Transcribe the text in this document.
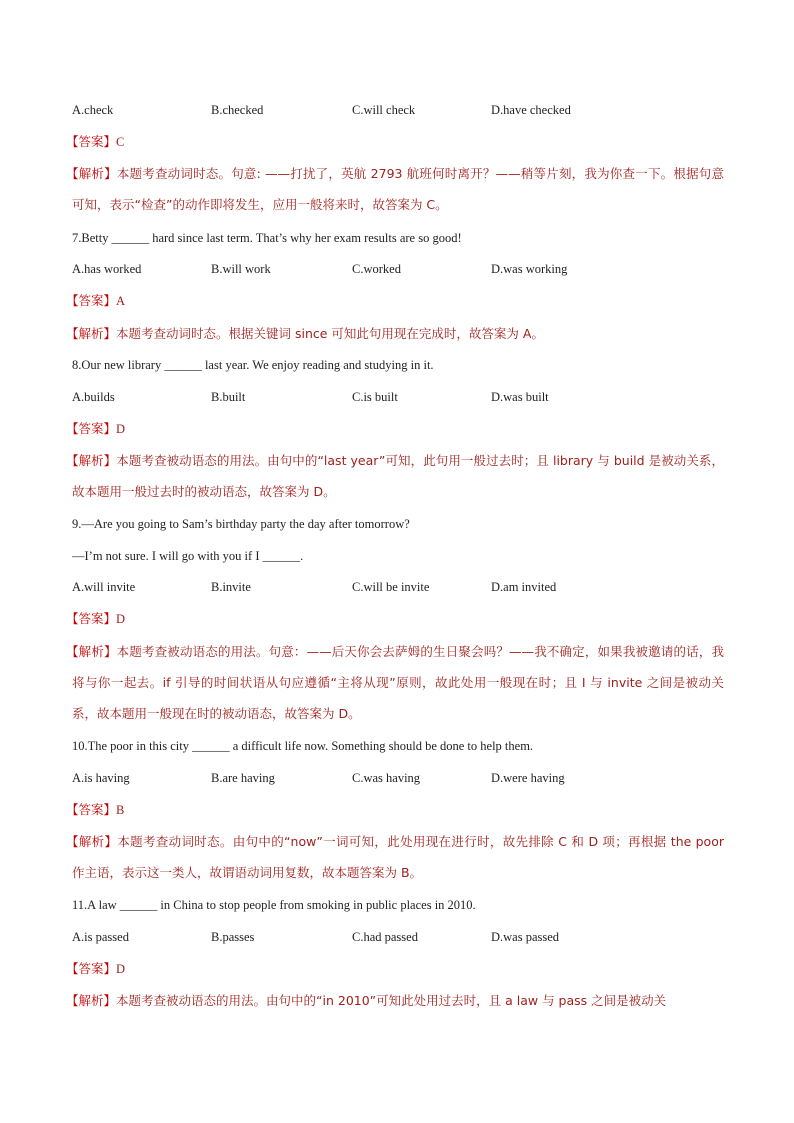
A.check	B.checked	C.will check	D.have checked
【答案】C
【解析】本题考查动词时态。句意: ——打扰了，英航 2793 航班何时离开？——稍等片刻，我为你查一下。根据句意可知，表示“检查”的动作即将发生，应用一般将来时，故答案为 C。
7.Betty ______ hard since last term. That’s why her exam results are so good!
A.has worked	B.will work	C.worked	D.was working
【答案】A
【解析】本题考查动词时态。根据关键词 since 可知此句用现在完成时，故答案为 A。
8.Our new library ______ last year. We enjoy reading and studying in it.
A.builds	B.built	C.is built	D.was built
【答案】D
【解析】本题考查被动语态的用法。由句中的“last year”可知，此句用一般过去时；且 library 与 build 是被动关系，故本题用一般过去时的被动语态，故答案为 D。
9.—Are you going to Sam’s birthday party the day after tomorrow?
—I’m not sure. I will go with you if I ______.
A.will invite	B.invite	C.will be invite	D.am invited
【答案】D
【解析】本题考查被动语态的用法。句意：——后天你会去萨姆的生日聚会吗？——我不确定，如果我被邀请的话，我将与你一起去。if 引导的时间状语从句应遵循“主将从现”原则，故此处用一般现在时；且 I 与 invite 之间是被动关系，故本题用一般现在时的被动语态，故答案为 D。
10.The poor in this city ______ a difficult life now. Something should be done to help them.
A.is having	B.are having	C.was having	D.were having
【答案】B
【解析】本题考查动词时态。由句中的“now”一词可知，此处用现在进行时，故先排除 C 和 D 项；再根据 the poor 作主语，表示这一类人，故谓语动词用复数，故本题答案为 B。
11.A law ______ in China to stop people from smoking in public places in 2010.
A.is passed	B.passes	C.had passed	D.was passed
【答案】D
【解析】本题考查被动语态的用法。由句中的“in 2010”可知此处用过去时，且 a law 与 pass 之间是被动关
